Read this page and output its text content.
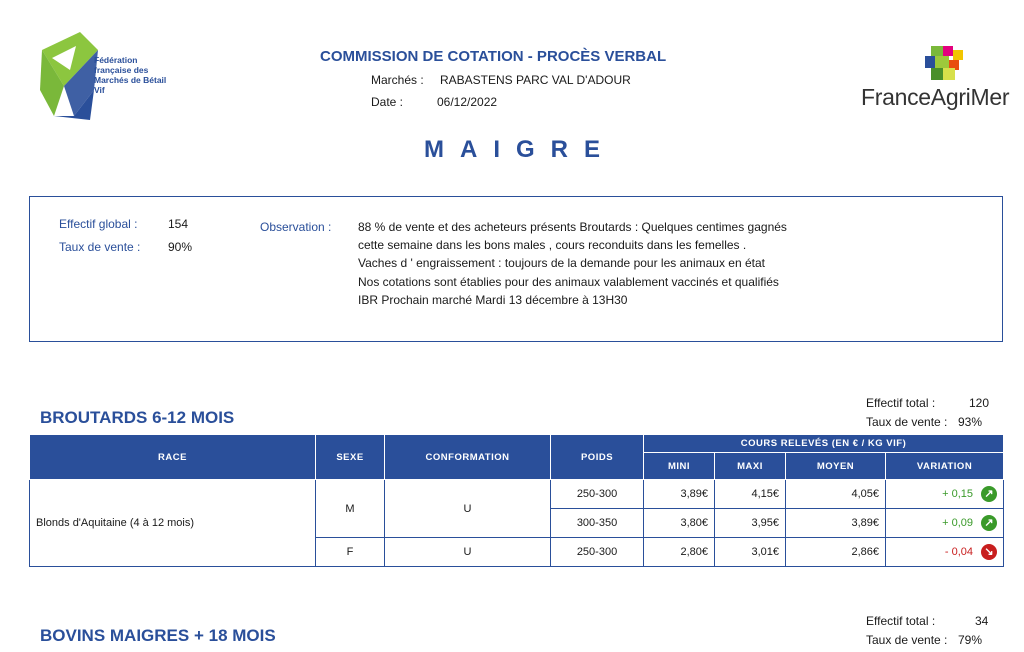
Fédération française des Marchés de Bétail Vif
COMMISSION DE COTATION - PROCÈS VERBAL
Marchés : RABASTENS PARC VAL D'ADOUR
Date :	06/12/2022	FranceAgriMer
MAIGRE
Effectif global :	154
Taux de vente : 90%
Observation : 88 % de vente et des acheteurs présents Broutards : Quelques centimes gagnés cette semaine dans les bons males , cours reconduits dans les femelles . Vaches d ' engraissement : toujours de la demande pour les animaux en état Nos cotations sont établies pour des animaux valablement vaccinés et qualifiés IBR Prochain marché Mardi 13 décembre à 13H30
BROUTARDS 6-12 MOIS
Effectif total :	120
Taux de vente : 93%
RACE	SEXE	CONFORMATION	POIDS	COURS RELEVÉS (EN € / KG VIF)			
				MINI	MAXI	MOYEN	VARIATION
Blonds d'Aquitaine (4 à 12 mois)	M	U	250-300	3,89€	4,15€	4,05€	+ 0,15 ↗

			300-350	3,80€	3,95€	3,89€	+ 0,09 ↗

	F	U	250-300	2,80€	3,01€	2,86€	- 0,04 ↘
BOVINS MAIGRES + 18 MOIS
Effectif total :	34
Taux de vente : 79%
